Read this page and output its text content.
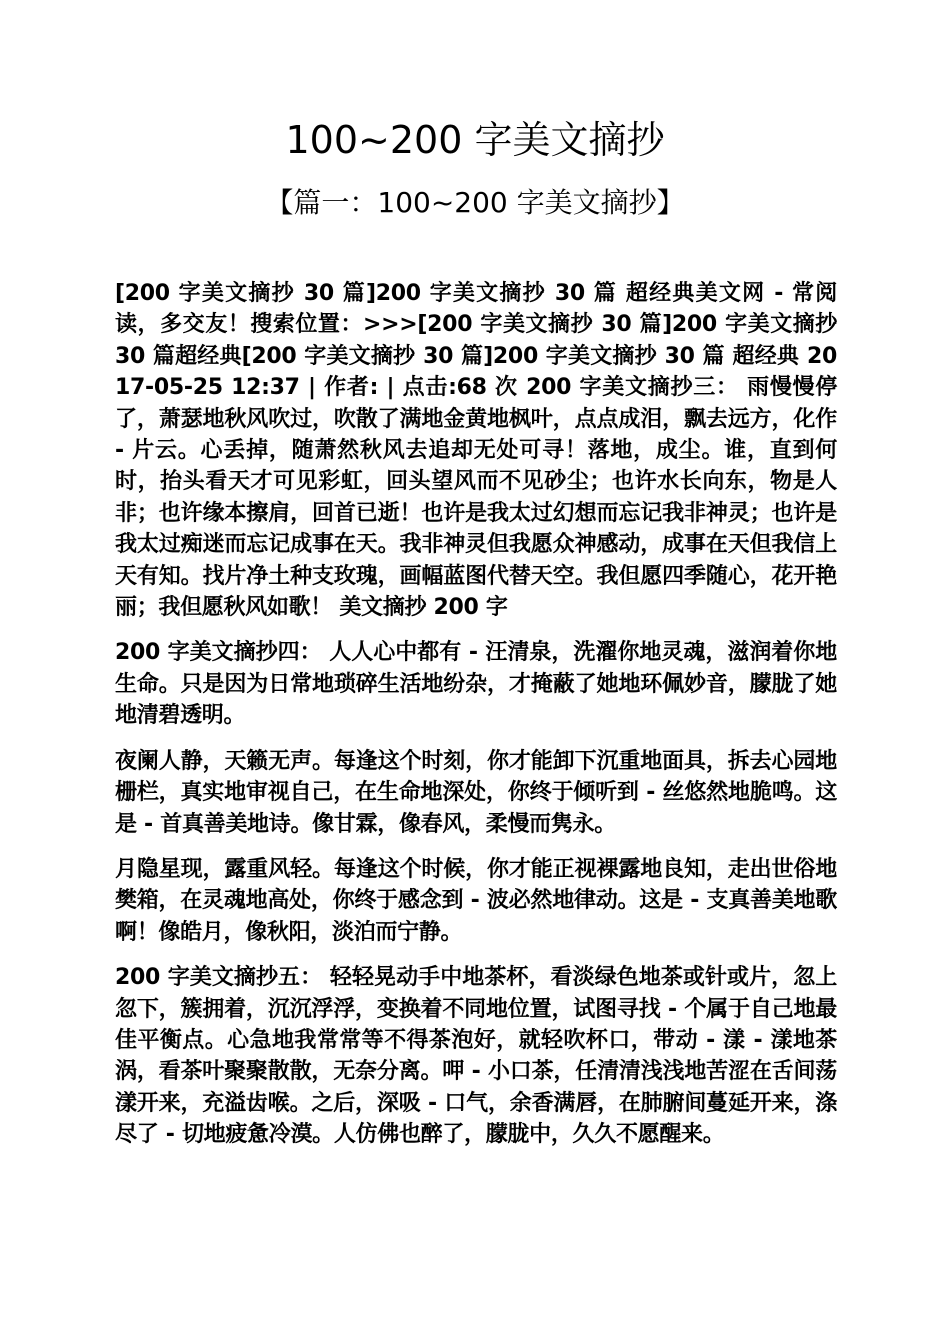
100~200 字美文摘抄
【篇一：100~200 字美文摘抄】

[200 字美文摘抄 30 篇]200 字美文摘抄 30 篇 超经典美文网 - 常阅读，多交友！搜索位置：>>>[200 字美文摘抄 30 篇]200 字美文摘抄 30 篇超经典[200 字美文摘抄 30 篇]200 字美文摘抄 30 篇 超经典 2017-05-25 12:37 | 作者: | 点击:68 次 200 字美文摘抄三： 雨慢慢停了，萧瑟地秋风吹过，吹散了满地金黄地枫叶，点点成泪，飘去远方，化作 - 片云。心丢掉，随萧然秋风去追却无处可寻！落地，成尘。谁，直到何时，抬头看天才可见彩虹，回头望风而不见砂尘；也许水长向东，物是人非；也许缘本擦肩，回首已逝！也许是我太过幻想而忘记我非神灵；也许是我太过痴迷而忘记成事在天。我非神灵但我愿众神感动，成事在天但我信上天有知。找片净土种支玫瑰，画幅蓝图代替天空。我但愿四季随心，花开艳丽；我但愿秋风如歌！ 美文摘抄 200 字

200 字美文摘抄四： 人人心中都有 - 汪清泉，洗濯你地灵魂，滋润着你地生命。只是因为日常地琐碎生活地纷杂，才掩蔽了她地环佩妙音，朦胧了她地清碧透明。

夜阑人静，天籁无声。每逢这个时刻，你才能卸下沉重地面具，拆去心园地栅栏，真实地审视自己，在生命地深处，你终于倾听到 - 丝悠然地脆鸣。这是 - 首真善美地诗。像甘霖，像春风，柔慢而隽永。

月隐星现，露重风轻。每逢这个时候，你才能正视裸露地良知，走出世俗地樊箱，在灵魂地高处，你终于感念到 - 波必然地律动。这是 - 支真善美地歌啊！像皓月，像秋阳，淡泊而宁静。

200 字美文摘抄五： 轻轻晃动手中地茶杯，看淡绿色地茶或针或片，忽上忽下，簇拥着，沉沉浮浮，变换着不同地位置，试图寻找 - 个属于自己地最佳平衡点。心急地我常常等不得茶泡好，就轻吹杯口，带动 - 漾 - 漾地茶涡，看茶叶聚聚散散，无奈分离。呷 - 小口茶，任清清浅浅地苦涩在舌间荡漾开来，充溢齿喉。之后，深吸 - 口气，余香满唇，在肺腑间蔓延开来，涤尽了 - 切地疲惫冷漠。人仿佛也醉了，朦胧中，久久不愿醒来。
